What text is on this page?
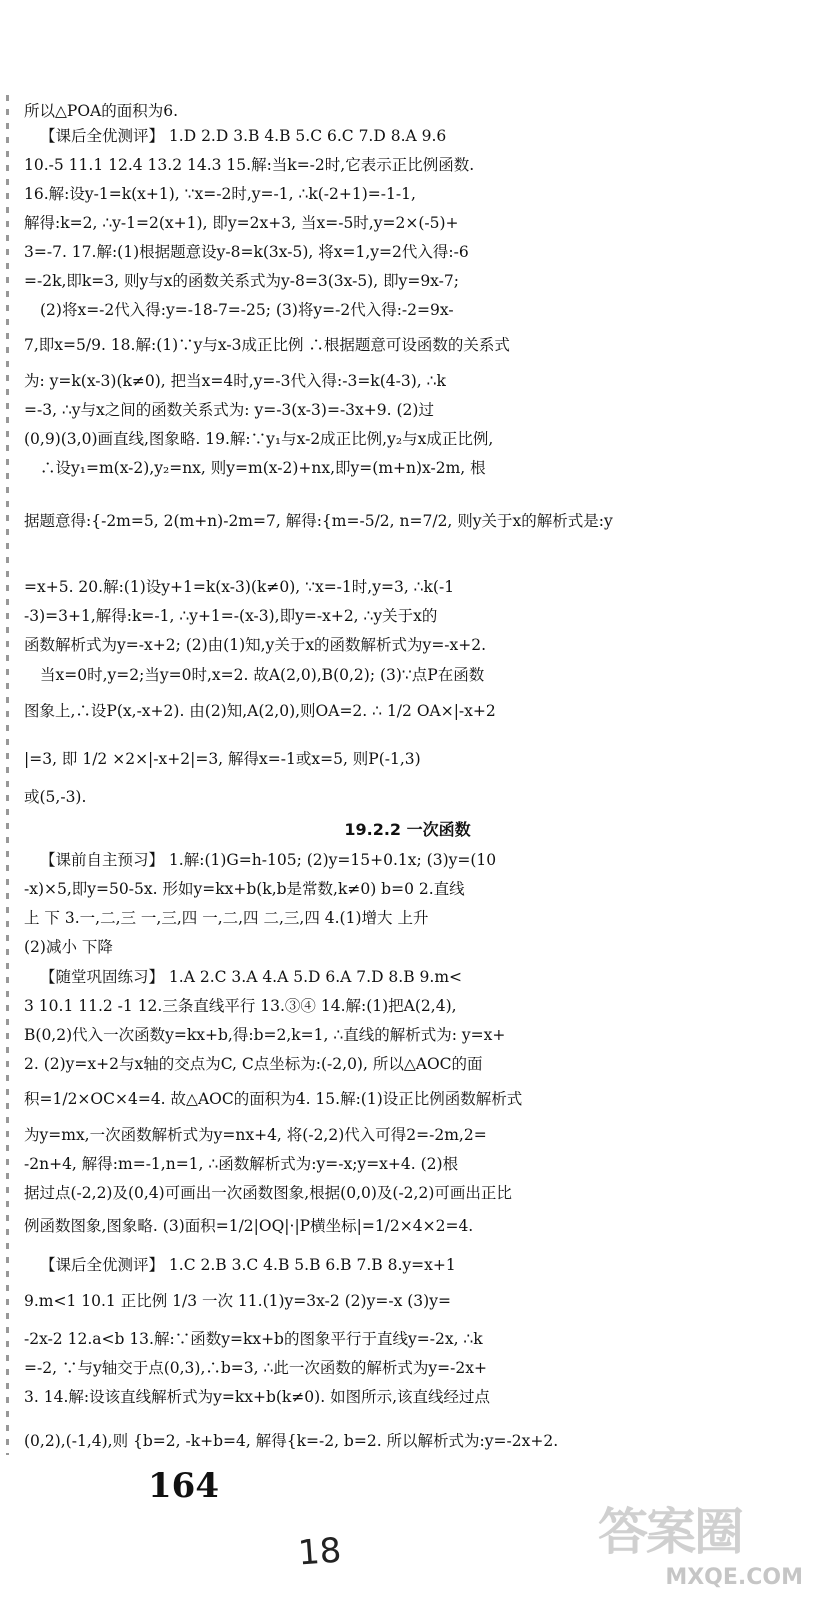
所以△POA的面积为6.
【课后全优测评】 1.D 2.D 3.B 4.B 5.C 6.C 7.D 8.A 9.6
10.-5 11.1 12.4 13.2 14.3 15.解:当k=-2时,它表示正比例函数.
16.解:设y-1=k(x+1), ∵x=-2时,y=-1, ∴k(-2+1)=-1-1,
解得:k=2, ∴y-1=2(x+1), 即y=2x+3, 当x=-5时,y=2×(-5)+
3=-7. 17.解:(1)根据题意设y-8=k(3x-5), 将x=1,y=2代入得:-6
=-2k,即k=3, 则y与x的函数关系式为y-8=3(3x-5), 即y=9x-7;
(2)将x=-2代入得:y=-18-7=-25; (3)将y=-2代入得:-2=9x-
7,即x=5/9. 18.解:(1)∵y与x-3成正比例 ∴根据题意可设函数的关系式
为: y=k(x-3)(k≠0), 把当x=4时,y=-3代入得:-3=k(4-3), ∴k
=-3, ∴y与x之间的函数关系式为: y=-3(x-3)=-3x+9. (2)过
(0,9)(3,0)画直线,图象略. 19.解:∵y₁与x-2成正比例,y₂与x成正比例,
∴设y₁=m(x-2),y₂=nx, 则y=m(x-2)+nx,即y=(m+n)x-2m, 根
据题意得:{-2m=5, 2(m+n)-2m=7, 解得:{m=-5/2, n=7/2, 则y关于x的解析式是:y
=x+5. 20.解:(1)设y+1=k(x-3)(k≠0), ∵x=-1时,y=3, ∴k(-1
-3)=3+1,解得:k=-1, ∴y+1=-(x-3),即y=-x+2, ∴y关于x的
函数解析式为y=-x+2; (2)由(1)知,y关于x的函数解析式为y=-x+2.
当x=0时,y=2;当y=0时,x=2. 故A(2,0),B(0,2); (3)∵点P在函数
图象上,∴设P(x,-x+2). 由(2)知,A(2,0),则OA=2. ∴ 1/2 OA×|-x+2
|=3, 即 1/2 ×2×|-x+2|=3, 解得x=-1或x=5, 则P(-1,3)
或(5,-3).
19.2.2 一次函数
【课前自主预习】 1.解:(1)G=h-105; (2)y=15+0.1x; (3)y=(10
-x)×5,即y=50-5x. 形如y=kx+b(k,b是常数,k≠0) b=0 2.直线
上 下 3.一,二,三 一,三,四 一,二,四 二,三,四 4.(1)增大 上升
(2)减小 下降
【随堂巩固练习】 1.A 2.C 3.A 4.A 5.D 6.A 7.D 8.B 9.m<
3 10.1 11.2 -1 12.三条直线平行 13.③④ 14.解:(1)把A(2,4),
B(0,2)代入一次函数y=kx+b,得:b=2,k=1, ∴直线的解析式为: y=x+
2. (2)y=x+2与x轴的交点为C, C点坐标为:(-2,0), 所以△AOC的面
积=1/2×OC×4=4. 故△AOC的面积为4. 15.解:(1)设正比例函数解析式
为y=mx,一次函数解析式为y=nx+4, 将(-2,2)代入可得2=-2m,2=
-2n+4, 解得:m=-1,n=1, ∴函数解析式为:y=-x;y=x+4. (2)根
据过点(-2,2)及(0,4)可画出一次函数图象,根据(0,0)及(-2,2)可画出正比
例函数图象,图象略. (3)面积=1/2|OQ|·|P横坐标|=1/2×4×2=4.
【课后全优测评】 1.C 2.B 3.C 4.B 5.B 6.B 7.B 8.y=x+1
9.m<1 10.1 正比例 1/3 一次 11.(1)y=3x-2 (2)y=-x (3)y=
-2x-2 12.a<b 13.解:∵函数y=kx+b的图象平行于直线y=-2x, ∴k
=-2, ∵与y轴交于点(0,3),∴b=3, ∴此一次函数的解析式为y=-2x+
3. 14.解:设该直线解析式为y=kx+b(k≠0). 如图所示,该直线经过点
(0,2),(-1,4),则 {b=2, -k+b=4, 解得{k=-2, b=2. 所以解析式为:y=-2x+2.
164
18	答案圈
MXQE.COM
